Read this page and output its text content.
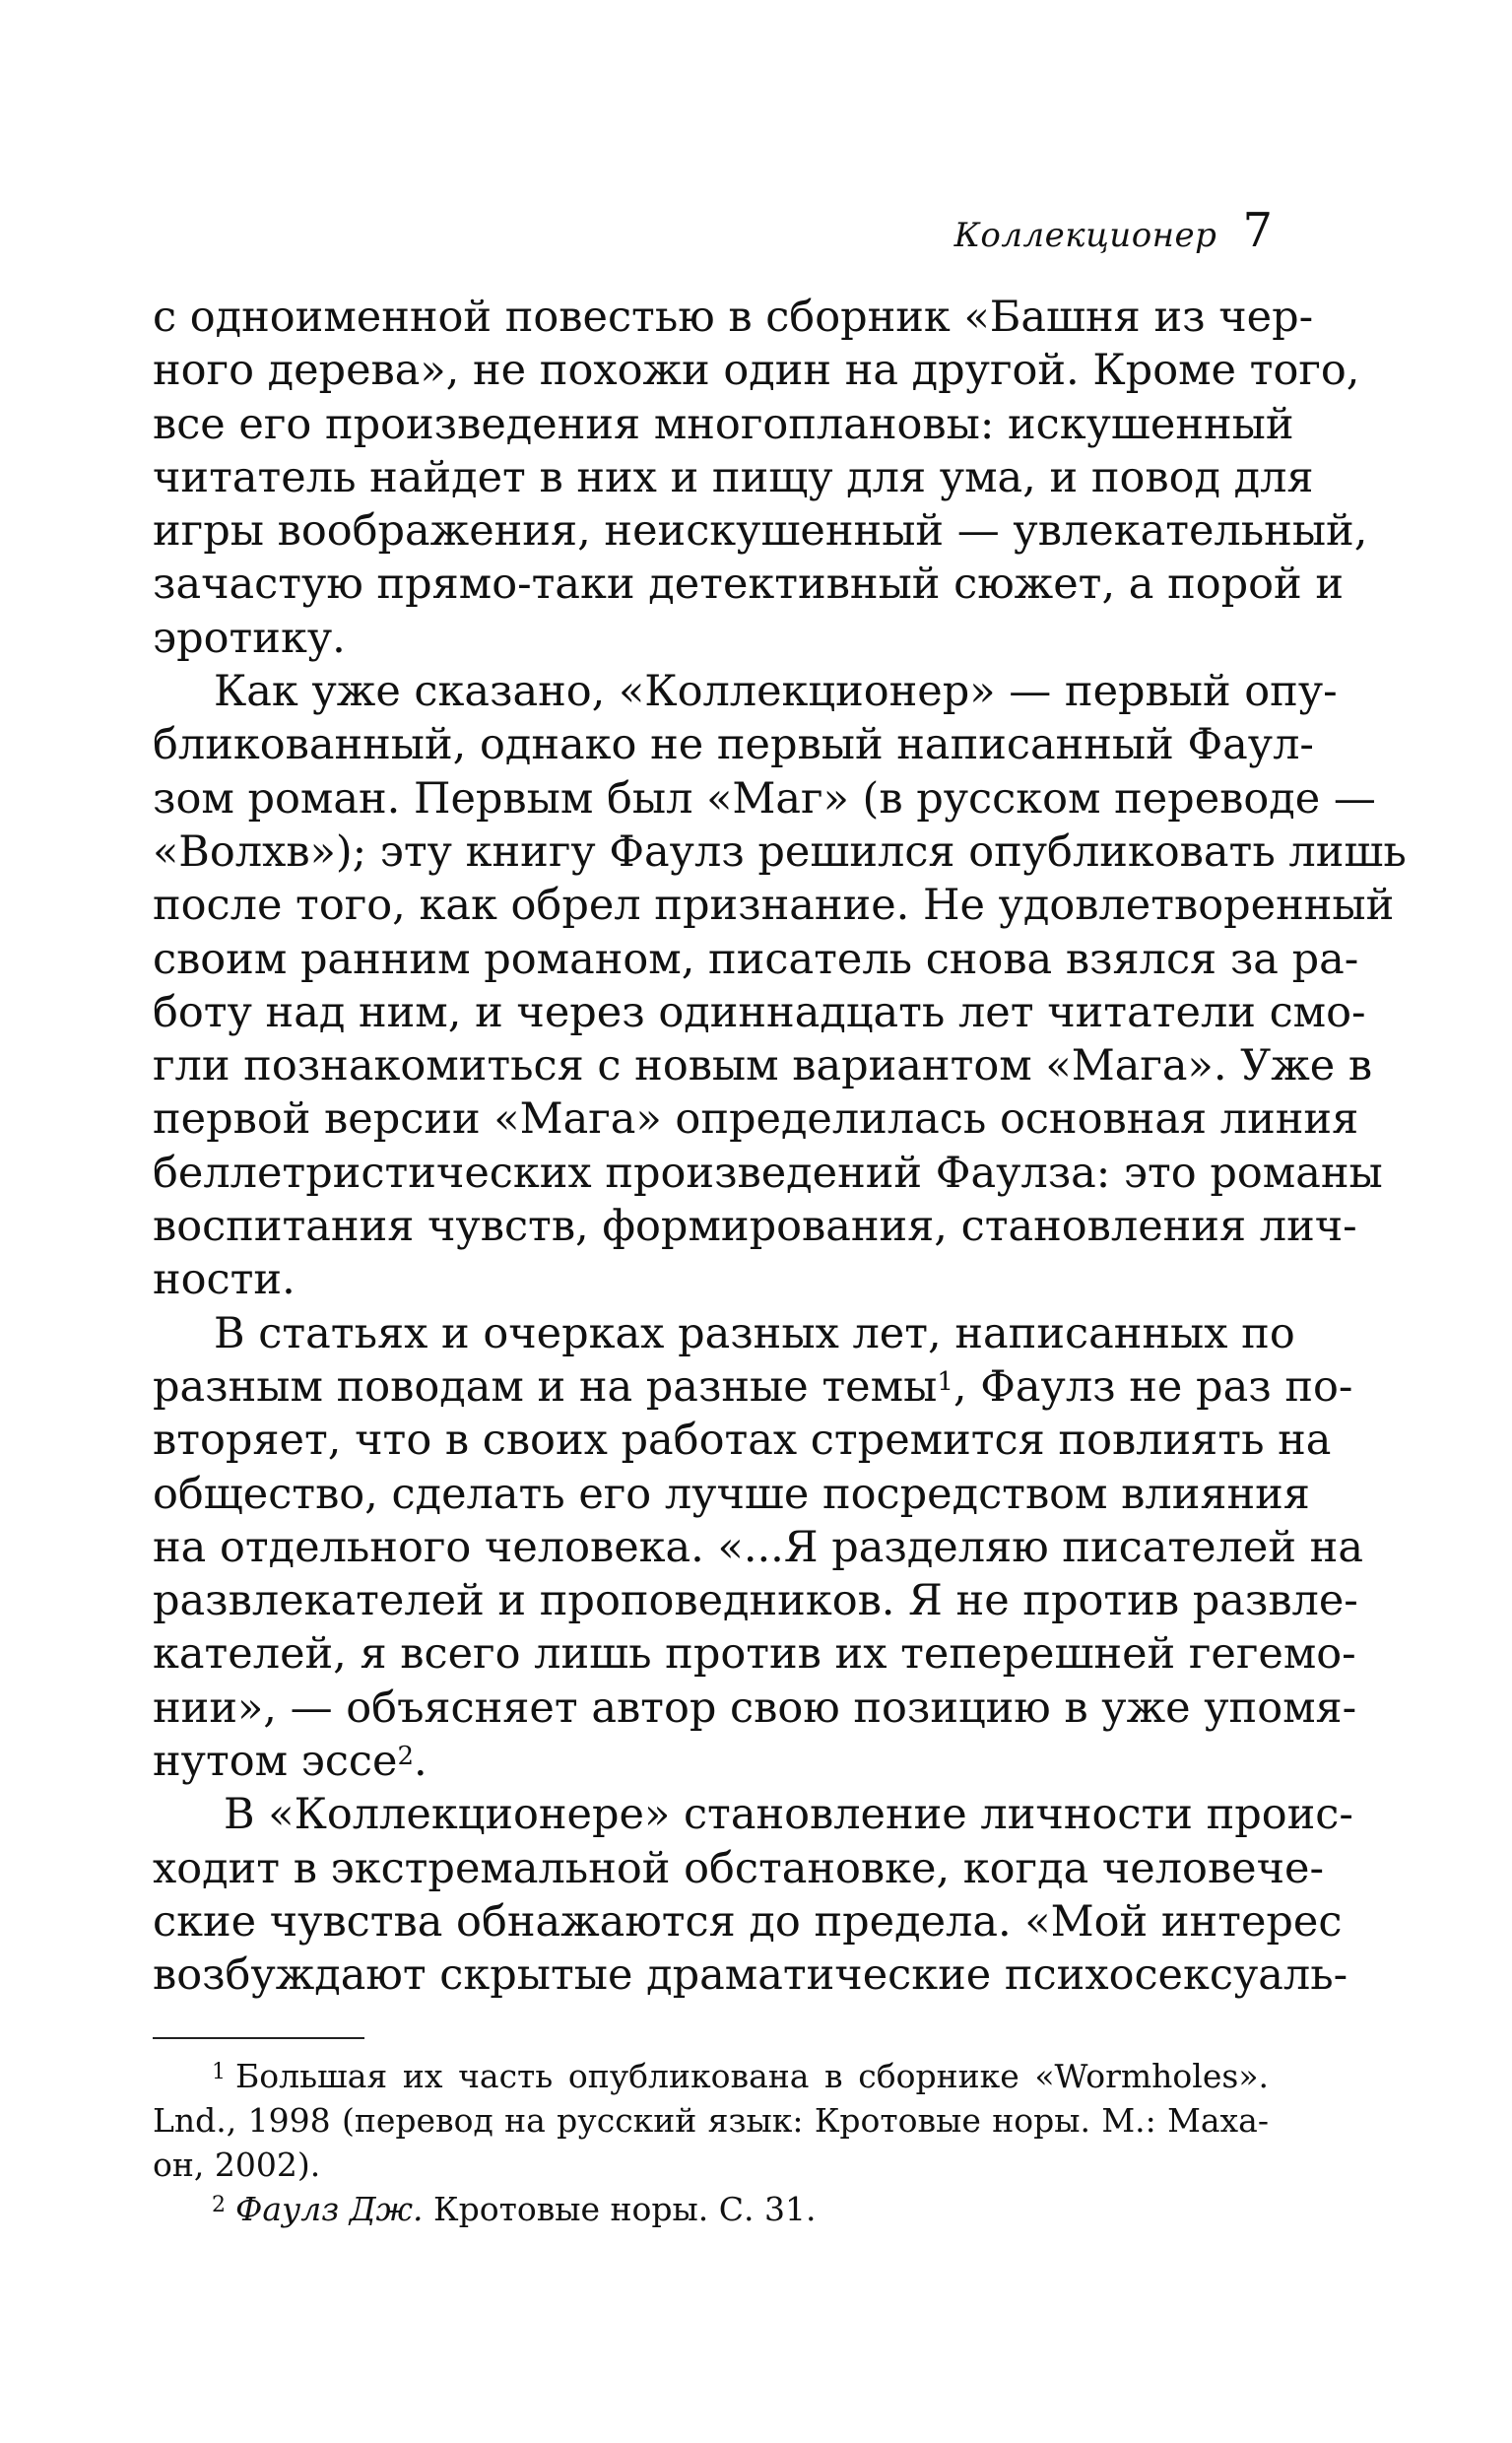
Коллекционер 7
с одноименной повестью в сборник «Башня из чер-
ного дерева», не похожи один на другой. Кроме того,
все его произведения многоплановы: искушенный
читатель найдет в них и пищу для ума, и повод для
игры воображения, неискушенный — увлекательный,
зачастую прямо-таки детективный сюжет, а порой и
эротику.
Как уже сказано, «Коллекционер» — первый опу-
бликованный, однако не первый написанный Фаул-
зом роман. Первым был «Маг» (в русском переводе —
«Волхв»); эту книгу Фаулз решился опубликовать лишь
после того, как обрел признание. Не удовлетворенный
своим ранним романом, писатель снова взялся за ра-
боту над ним, и через одиннадцать лет читатели смо-
гли познакомиться с новым вариантом «Мага». Уже в
первой версии «Мага» определилась основная линия
беллетристических произведений Фаулза: это романы
воспитания чувств, формирования, становления лич-
ности.
В статьях и очерках разных лет, написанных по
разным поводам и на разные темы$^1$, Фаулз не раз по-
вторяет, что в своих работах стремится повлиять на
общество, сделать его лучше посредством влияния
на отдельного человека. «...Я разделяю писателей на
развлекателей и проповедников. Я не против развле-
кателей, я всего лишь против их теперешней гегемо-
нии», — объясняет автор свою позицию в уже упомя-
нутом эссе$^2$.
В «Коллекционере» становление личности проис-
ходит в экстремальной обстановке, когда человече-
ские чувства обнажаются до предела. «Мой интерес
возбуждают скрытые драматические психосексуаль-
$^1$ Большая их часть опубликована в сборнике «Wormholes».
Lnd., 1998 (перевод на русский язык: Кротовые норы. М.: Маха-
он, 2002).
$^2$ Фаулз Дж. Кротовые норы. С. 31.
